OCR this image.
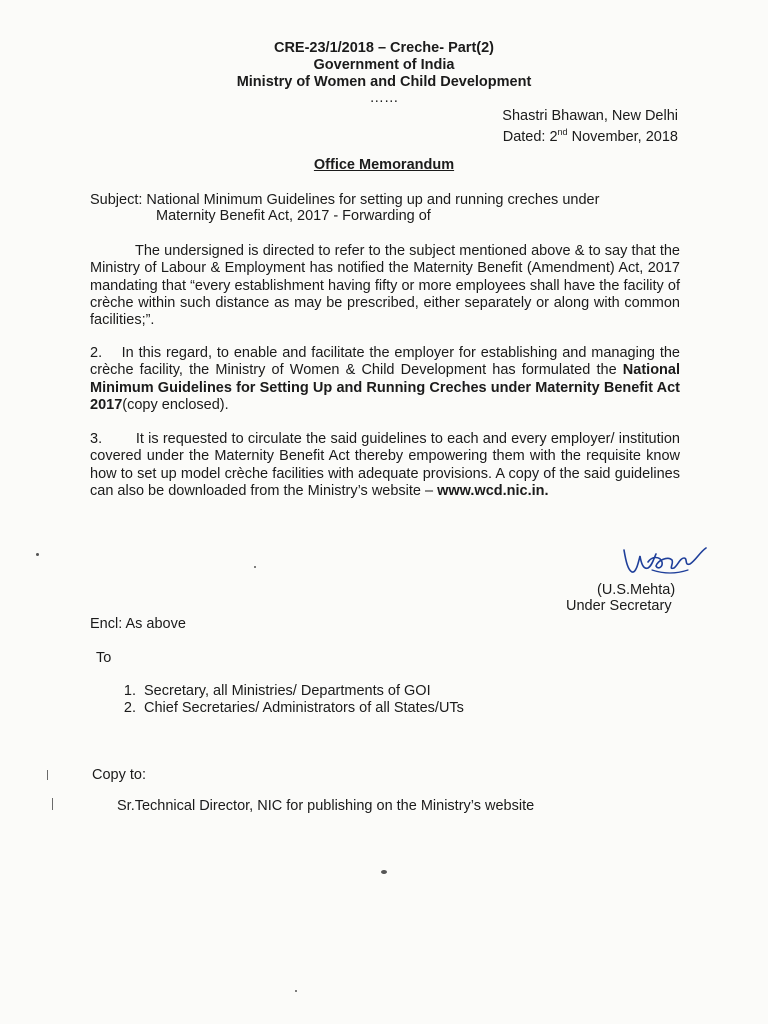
CRE-23/1/2018 – Creche- Part(2)

Government of India

Ministry of Women and Child Development

……

Shastri Bhawan, New Delhi

Dated: 2nd November, 2018

Office Memorandum

Subject: National Minimum Guidelines for setting up and running creches under

Maternity Benefit Act, 2017 - Forwarding of

The undersigned is directed to refer to the subject mentioned above & to say that the Ministry of Labour & Employment has notified the Maternity Benefit (Amendment) Act, 2017 mandating that “every establishment having fifty or more employees shall have the facility of crèche within such distance as may be prescribed, either separately or along with common facilities;”.

2. In this regard, to enable and facilitate the employer for establishing and managing the crèche facility, the Ministry of Women & Child Development has formulated the National Minimum Guidelines for Setting Up and Running Creches under Maternity Benefit Act 2017(copy enclosed).

3. It is requested to circulate the said guidelines to each and every employer/ institution covered under the Maternity Benefit Act thereby empowering them with the requisite know how to set up model crèche facilities with adequate provisions. A copy of the said guidelines can also be downloaded from the Ministry’s website – www.wcd.nic.in.

(U.S.Mehta)

Under Secretary

Encl: As above

To

1. Secretary, all Ministries/ Departments of GOI
2. Chief Secretaries/ Administrators of all States/UTs

Copy to:

Sr.Technical Director, NIC for publishing on the Ministry’s website
